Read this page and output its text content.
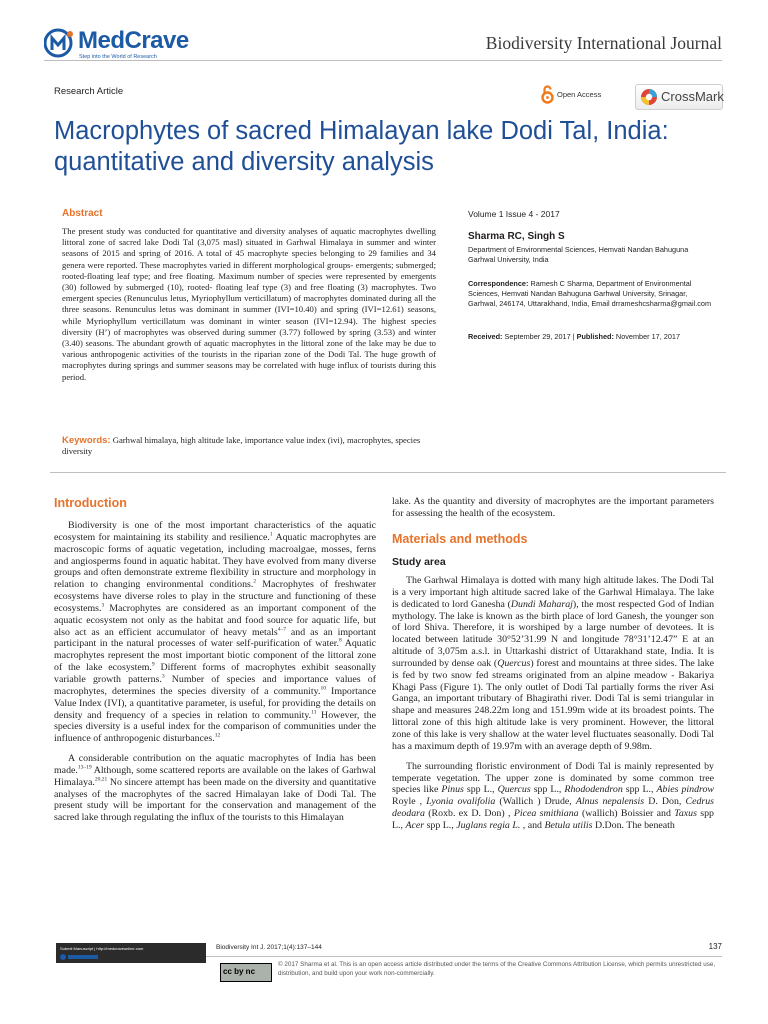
MedCrave
Step into the World of Research
Biodiversity International Journal
Research Article	Open Access	CrossMark
Macrophytes of sacred Himalayan lake Dodi Tal, India: quantitative and diversity analysis
Abstract

The present study was conducted for quantitative and diversity analyses of aquatic macrophytes dwelling littoral zone of sacred lake Dodi Tal (3,075 masl) situated in Garhwal Himalaya in summer and winter seasons of 2015 and spring of 2016. A total of 45 macrophyte species belonging to 29 families and 34 genera were reported. These macrophytes varied in different morphological groups- emergents; submerged; rooted-floating leaf type; and free floating. Maximum number of species were represented by emergents (30) followed by submerged (10), rooted- floating leaf type (3) and free floating (3) macrophytes. Two emergent species (Renunculus letus, Myriophyllum verticillatum) of macrophytes dominated during all the three seasons. Renunculus letus was dominant in summer (IVI=10.40) and spring (IVI=12.61) seasons, while Myriophyllum verticillatum was dominant in winter season (IVI=12.94). The highest species diversity (H’) of macrophytes was observed during summer (3.77) followed by spring (3.53) and winter (3.40) seasons. The abundant growth of aquatic macrophytes in the littoral zone of the lake may be due to various anthropogenic activities of the tourists in the riparian zone of the Dodi Tal. The huge growth of macrophytes during springs and summer seasons may be correlated with huge influx of tourists during this period.

Keywords: Garhwal himalaya, high altitude lake, importance value index (ivi), macrophytes, species diversity

Volume 1 Issue 4 - 2017
Sharma RC, Singh S

Department of Environmental Sciences, Hemvati Nandan Bahuguna Garhwal University, India

Correspondence: Ramesh C Sharma, Department of Environmental Sciences, Hemvati Nandan Bahuguna Garhwal University, Srinagar, Garhwal, 246174, Uttarakhand, India, Email drrameshcsharma@gmail.com

Received: September 29, 2017 | Published: November 17, 2017

Introduction

Biodiversity is one of the most important characteristics of the aquatic ecosystem for maintaining its stability and resilience.$^1$ Aquatic macrophytes are macroscopic forms of aquatic vegetation, including macroalgae, mosses, ferns and angiosperms found in aquatic habitat. They have evolved from many diverse groups and often demonstrate extreme flexibility in structure and morphology in relation to changing environmental conditions.$^2$ Macrophytes of freshwater ecosystems have diverse roles to play in the structure and functioning of these ecosystems.$^3$ Macrophytes are considered as an important component of the aquatic ecosystem not only as the habitat and food source for aquatic life, but also act as an efficient accumulator of heavy metals$^{4-7}$ and as an important participant in the natural processes of water self-purification of water.$^8$ Aquatic macrophytes represent the most important biotic component of the littoral zone of the lake ecosystem.$^9$ Different forms of macrophytes exhibit seasonally variable growth patterns.$^3$ Number of species and importance values of macrophytes, determines the species diversity of a community.$^{10}$ Importance Value Index (IVI), a quantitative parameter, is useful, for providing the details on density and frequency of a species in relation to community.$^{11}$ However, the species diversity is a useful index for the comparison of communities under the influence of anthropogenic disturbances.$^{12}$

A considerable contribution on the aquatic macrophytes of India has been made.$^{13-19}$ Although, some scattered reports are available on the lakes of Garhwal Himalaya.$^{20,21}$ No sincere attempt has been made on the diversity and quantitative analyses of the macrophytes of the sacred Himalayan lake of Dodi Tal. The present study will be important for the conservation and management of the sacred lake through regulating the influx of the tourists to this Himalayan

lake. As the quantity and diversity of macrophytes are the important parameters for assessing the health of the ecosystem.

Materials and methods
Study area

The Garhwal Himalaya is dotted with many high altitude lakes. The Dodi Tal is a very important high altitude sacred lake of the Garhwal Himalaya. The lake is dedicated to lord Ganesha (Dundi Maharaj), the most respected God of Indian mythology. The lake is known as the birth place of lord Ganesh, the younger son of lord Shiva. Therefore, it is worshiped by a large number of devotees. It is located between latitude 30°52’31.99 N and longitude 78°31’12.47” E at an altitude of 3,075m a.s.l. in Uttarkashi district of Uttarakhand state, India. It is surrounded by dense oak (Quercus) forest and mountains at three sides. The lake is fed by two snow fed streams originated from an alpine meadow - Bakariya Khagi Pass (Figure 1). The only outlet of Dodi Tal partially forms the river Asi Ganga, an important tributary of Bhagirathi river. Dodi Tal is semi triangular in shape and measures 248.22m long and 151.99m wide at its broadest points. The littoral zone of this high altitude lake is very prominent. However, the littoral zone of this lake is very shallow at the water level fluctuates seasonally. Dodi Tal has a maximum depth of 19.97m with an average depth of 9.98m.

The surrounding floristic environment of Dodi Tal is mainly represented by temperate vegetation. The upper zone is dominated by some common tree species like Pinus spp L., Quercus spp L., Rhododendron spp L., Abies pindrow Royle , Lyonia ovalifolia (Wallich ) Drude, Alnus nepalensis D. Don, Cedrus deodara (Roxb. ex D. Don) , Picea smithiana (wallich) Boissier and Taxus spp L., Acer spp L., Juglans regia L. , and Betula utilis D.Don. The beneath

Submit Manuscript | http://medcraveonline.com	Biodiversity Int J. 2017;1(4):137‒144	137
cc by nc

© 2017 Sharma et al. This is an open access article distributed under the terms of the Creative Commons Attribution License, which permits unrestricted use, distribution, and build upon your work non-commercially.
